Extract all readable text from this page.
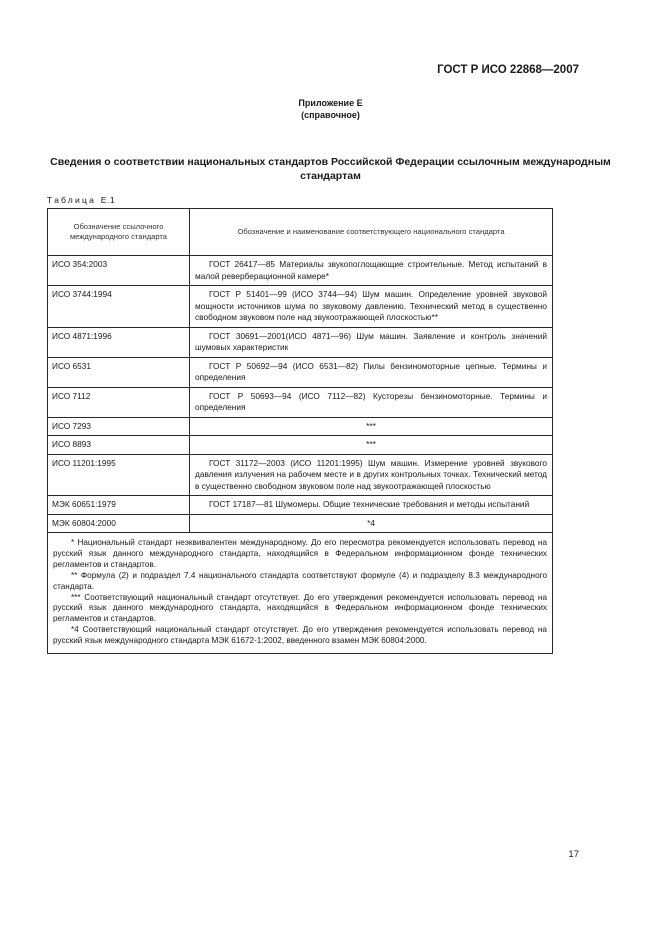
ГОСТ Р ИСО 22868—2007
Приложение Е
(справочное)
Сведения о соответствии национальных стандартов Российской Федерации ссылочным международным стандартам
Таблица Е.1
Обозначение ссылочного международного стандарта	Обозначение и наименование соответствующего национального стандарта
ИСО 354:2003	ГОСТ 26417—85 Материалы звукопоглощающие строительные. Метод испытаний в малой реверберационной камере*
ИСО 3744:1994	ГОСТ Р 51401—99 (ИСО 3744—94) Шум машин. Определение уровней звуковой мощности источников шума по звуковому давлению. Технический метод в существенно свободном звуковом поле над звукоотражающей плоскостью**
ИСО 4871:1996	ГОСТ 30691—2001(ИСО 4871—96) Шум машин. Заявление и контроль значений шумовых характеристик
ИСО 6531	ГОСТ Р 50692—94 (ИСО 6531—82) Пилы бензиномоторные цепные. Термины и определения
ИСО 7112	ГОСТ Р 50693—94 (ИСО 7112—82) Кусторезы бензиномоторные. Термины и определения
ИСО 7293	***
ИСО 8893	***
ИСО 11201:1995	ГОСТ 31172—2003 (ИСО 11201:1995) Шум машин. Измерение уровней звукового давления излучения на рабочем месте и в других контрольных точках. Технический метод в существенно свободном звуковом поле над звукоотражающей плоскостью
МЭК 60651:1979	ГОСТ 17187—81 Шумомеры. Общие технические требования и методы испытаний
МЭК 60804:2000	*4

* Национальный стандарт неэквивалентен международному. До его пересмотра рекомендуется использовать перевод на русский язык данного международного стандарта, находящийся в Федеральном информационном фонде технических регламентов и стандартов.
** Формула (2) и подраздел 7.4 национального стандарта соответствуют формуле (4) и подразделу 8.3 международного стандарта.
*** Соответствующий национальный стандарт отсутствует. До его утверждения рекомендуется использовать перевод на русский язык данного международного стандарта, находящийся в Федеральном информационном фонде технических регламентов и стандартов.
*4 Соответствующий национальный стандарт отсутствует. До его утверждения рекомендуется использовать перевод на русский язык международного стандарта МЭК 61672-1:2002, введенного взамен МЭК 60804:2000.	
17
